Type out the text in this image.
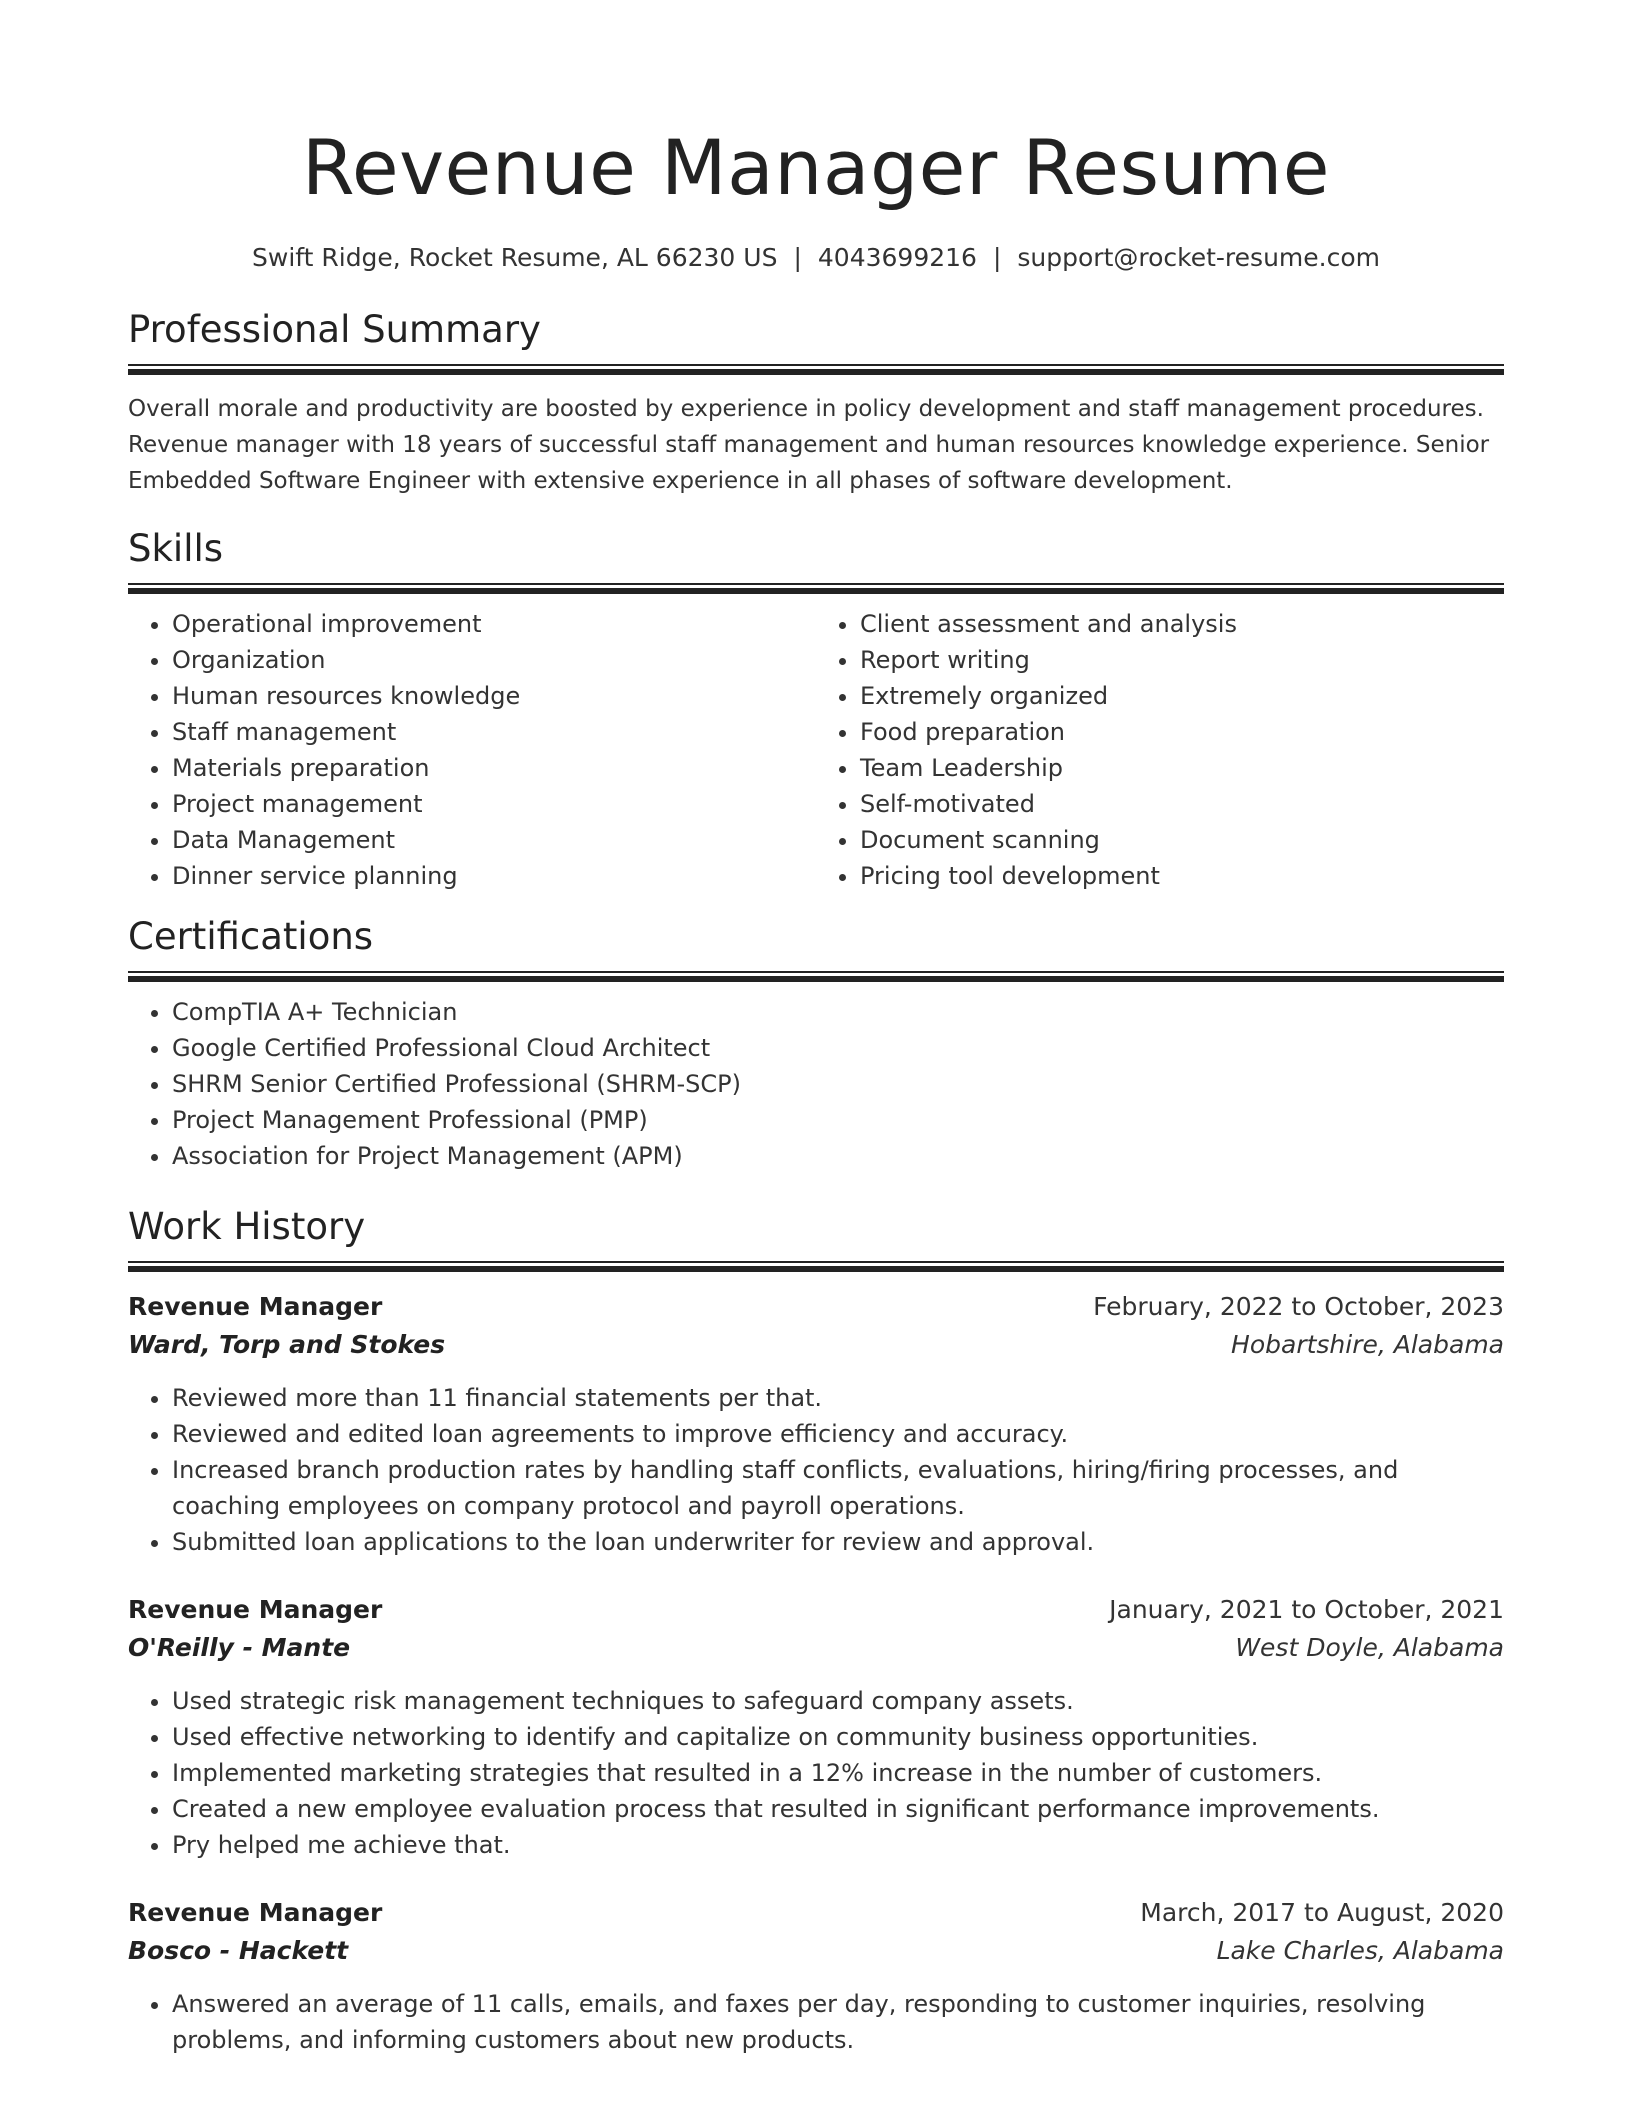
Revenue Manager Resume
Swift Ridge, Rocket Resume, AL 66230 US | 4043699216 | support@rocket-resume.com
Professional Summary

Overall morale and productivity are boosted by experience in policy development and staff management procedures. Revenue manager with 18 years of successful staff management and human resources knowledge experience. Senior Embedded Software Engineer with extensive experience in all phases of software development.

Skills
• Operational improvement
• Organization
• Human resources knowledge
• Staff management
• Materials preparation
• Project management
• Data Management
• Dinner service planning
• Client assessment and analysis
• Report writing
• Extremely organized
• Food preparation
• Team Leadership
• Self-motivated
• Document scanning
• Pricing tool development
Certifications
• CompTIA A+ Technician
• Google Certified Professional Cloud Architect
• SHRM Senior Certified Professional (SHRM-SCP)
• Project Management Professional (PMP)
• Association for Project Management (APM)
Work History
Revenue Manager	February, 2022 to October, 2023
Ward, Torp and Stokes	Hobartshire, Alabama
• Reviewed more than 11 financial statements per that.
• Reviewed and edited loan agreements to improve efficiency and accuracy.
• Increased branch production rates by handling staff conflicts, evaluations, hiring/firing processes, and coaching employees on company protocol and payroll operations.
• Submitted loan applications to the loan underwriter for review and approval.
Revenue Manager	January, 2021 to October, 2021
O'Reilly - Mante	West Doyle, Alabama
• Used strategic risk management techniques to safeguard company assets.
• Used effective networking to identify and capitalize on community business opportunities.
• Implemented marketing strategies that resulted in a 12% increase in the number of customers.
• Created a new employee evaluation process that resulted in significant performance improvements.
• Pry helped me achieve that.
Revenue Manager	March, 2017 to August, 2020
Bosco - Hackett	Lake Charles, Alabama
• Answered an average of 11 calls, emails, and faxes per day, responding to customer inquiries, resolving problems, and informing customers about new products.
